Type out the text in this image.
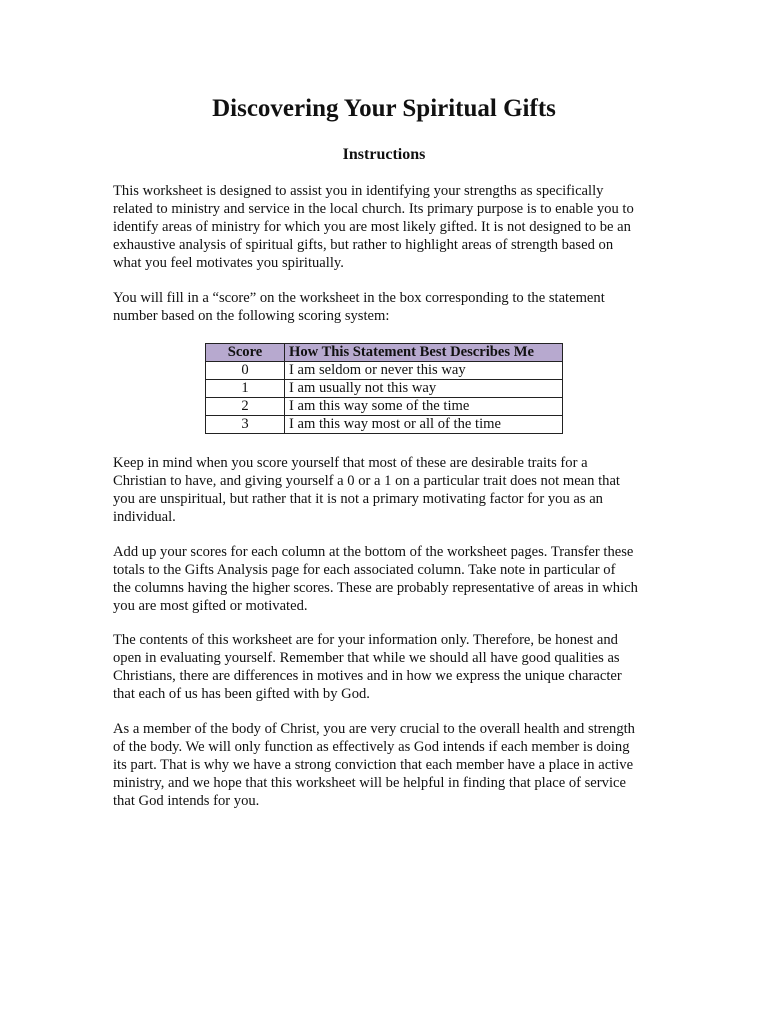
Discovering Your Spiritual Gifts
Instructions

This worksheet is designed to assist you in identifying your strengths as specifically
related to ministry and service in the local church. Its primary purpose is to enable you to
identify areas of ministry for which you are most likely gifted. It is not designed to be an
exhaustive analysis of spiritual gifts, but rather to highlight areas of strength based on
what you feel motivates you spiritually.

You will fill in a “score” on the worksheet in the box corresponding to the statement
number based on the following scoring system:

Score	How This Statement Best Describes Me
0	I am seldom or never this way
1	I am usually not this way
2	I am this way some of the time
3	I am this way most or all of the time

Keep in mind when you score yourself that most of these are desirable traits for a
Christian to have, and giving yourself a 0 or a 1 on a particular trait does not mean that
you are unspiritual, but rather that it is not a primary motivating factor for you as an
individual.

Add up your scores for each column at the bottom of the worksheet pages. Transfer these
totals to the Gifts Analysis page for each associated column. Take note in particular of
the columns having the higher scores. These are probably representative of areas in which
you are most gifted or motivated.

The contents of this worksheet are for your information only. Therefore, be honest and
open in evaluating yourself. Remember that while we should all have good qualities as
Christians, there are differences in motives and in how we express the unique character
that each of us has been gifted with by God.

As a member of the body of Christ, you are very crucial to the overall health and strength
of the body. We will only function as effectively as God intends if each member is doing
its part. That is why we have a strong conviction that each member have a place in active
ministry, and we hope that this worksheet will be helpful in finding that place of service
that God intends for you.
